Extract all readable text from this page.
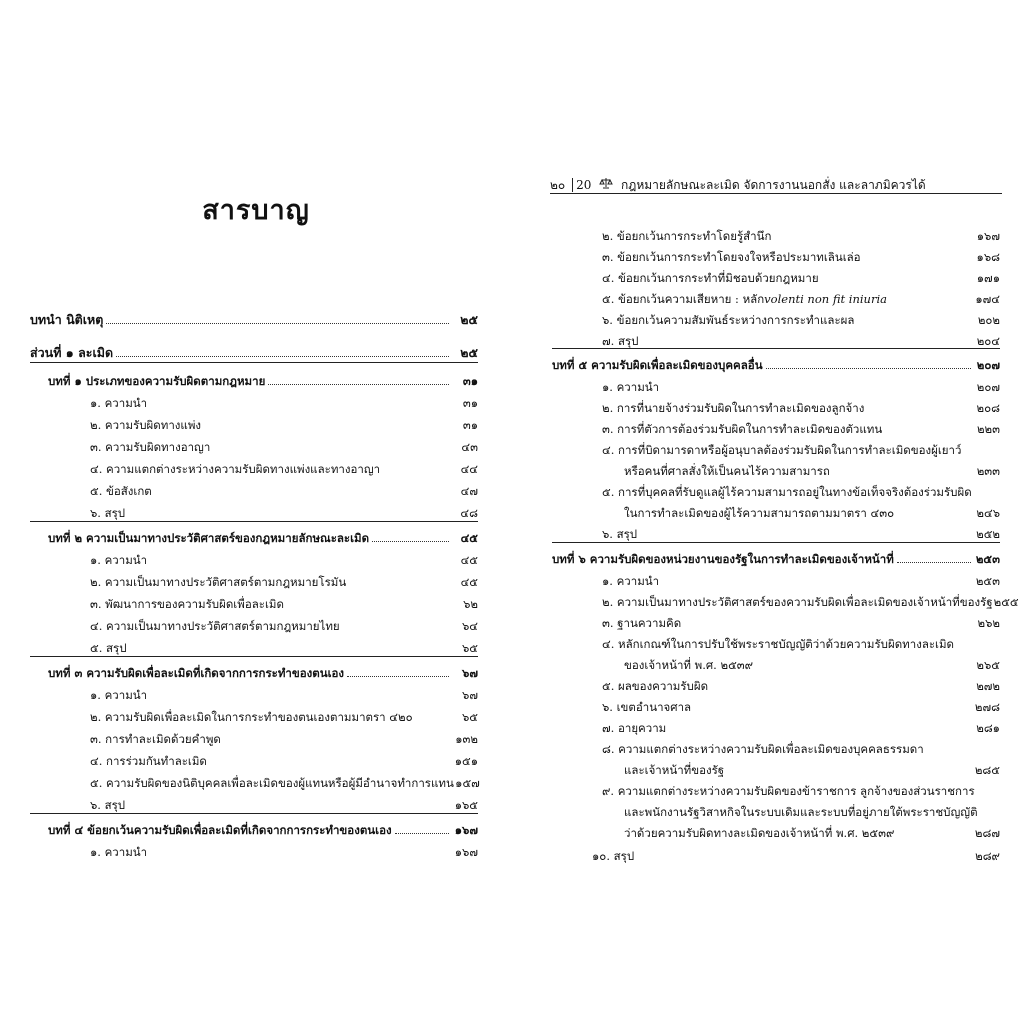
สารบาญ
บทนำ นิติเหตุ	๒๕
ส่วนที่ ๑ ละเมิด	๒๕
บทที่ ๑ ประเภทของความรับผิดตามกฎหมาย	๓๑
๑. ความนำ	๓๑
๒. ความรับผิดทางแพ่ง	๓๑
๓. ความรับผิดทางอาญา	๔๓
๔. ความแตกต่างระหว่างความรับผิดทางแพ่งและทางอาญา	๔๔
๕. ข้อสังเกต	๔๗
๖. สรุป	๔๘
บทที่ ๒ ความเป็นมาทางประวัติศาสตร์ของกฎหมายลักษณะละเมิด	๔๕
๑. ความนำ	๔๕
๒. ความเป็นมาทางประวัติศาสตร์ตามกฎหมายโรมัน	๔๕
๓. พัฒนาการของความรับผิดเพื่อละเมิด	๖๒
๔. ความเป็นมาทางประวัติศาสตร์ตามกฎหมายไทย	๖๔
๕. สรุป	๖๕
บทที่ ๓ ความรับผิดเพื่อละเมิดที่เกิดจากการกระทำของตนเอง	๖๗
๑. ความนำ	๖๗
๒. ความรับผิดเพื่อละเมิดในการกระทำของตนเองตามมาตรา ๔๒๐	๖๕
๓. การทำละเมิดด้วยคำพูด	๑๓๒
๔. การร่วมกันทำละเมิด	๑๕๑
๕. ความรับผิดของนิติบุคคลเพื่อละเมิดของผู้แทนหรือผู้มีอำนาจทำการแทน ๑๕๗
๖. สรุป	๑๖๕
บทที่ ๔ ข้อยกเว้นความรับผิดเพื่อละเมิดที่เกิดจากการกระทำของตนเอง	๑๖๗
๑. ความนำ	๑๖๗
๒๐ 20 กฎหมายลักษณะละเมิด จัดการงานนอกสั่ง และลาภมิควรได้
๒. ข้อยกเว้นการกระทำโดยรู้สำนึก	๑๖๗
๓. ข้อยกเว้นการกระทำโดยจงใจหรือประมาทเลินเล่อ	๑๖๘
๔. ข้อยกเว้นการกระทำที่มิชอบด้วยกฎหมาย	๑๗๑
๕. ข้อยกเว้นความเสียหาย : หลัก volenti non fit iniuria	๑๗๔
๖. ข้อยกเว้นความสัมพันธ์ระหว่างการกระทำและผล	๒๐๒
๗. สรุป	๒๐๔
บทที่ ๕ ความรับผิดเพื่อละเมิดของบุคคลอื่น	๒๐๗
๑. ความนำ	๒๐๗
๒. การที่นายจ้างร่วมรับผิดในการทำละเมิดของลูกจ้าง	๒๐๘
๓. การที่ตัวการต้องร่วมรับผิดในการทำละเมิดของตัวแทน	๒๒๓
๔. การที่บิดามารดาหรือผู้อนุบาลต้องร่วมรับผิดในการทำละเมิดของผู้เยาว์
หรือคนที่ศาลสั่งให้เป็นคนไร้ความสามารถ	๒๓๓
๕. การที่บุคคลที่รับดูแลผู้ไร้ความสามารถอยู่ในทางข้อเท็จจริงต้องร่วมรับผิด
ในการทำละเมิดของผู้ไร้ความสามารถตามมาตรา ๔๓๐	๒๔๖
๖. สรุป	๒๕๒
บทที่ ๖ ความรับผิดของหน่วยงานของรัฐในการทำละเมิดของเจ้าหน้าที่	๒๕๓
๑. ความนำ	๒๕๓
๒. ความเป็นมาทางประวัติศาสตร์ของความรับผิดเพื่อละเมิดของเจ้าหน้าที่ของรัฐ ๒๕๕
๓. ฐานความคิด	๒๖๒
๔. หลักเกณฑ์ในการปรับใช้พระราชบัญญัติว่าด้วยความรับผิดทางละเมิด
ของเจ้าหน้าที่ พ.ศ. ๒๕๓๙	๒๖๕
๕. ผลของความรับผิด	๒๗๒
๖. เขตอำนาจศาล	๒๗๘
๗. อายุความ	๒๘๑
๘. ความแตกต่างระหว่างความรับผิดเพื่อละเมิดของบุคคลธรรมดา
และเจ้าหน้าที่ของรัฐ	๒๘๕
๙. ความแตกต่างระหว่างความรับผิดของข้าราชการ ลูกจ้างของส่วนราชการ
และพนักงานรัฐวิสาหกิจในระบบเดิมและระบบที่อยู่ภายใต้พระราชบัญญัติ
ว่าด้วยความรับผิดทางละเมิดของเจ้าหน้าที่ พ.ศ. ๒๕๓๙	๒๘๗
๑๐. สรุป	๒๘๙
